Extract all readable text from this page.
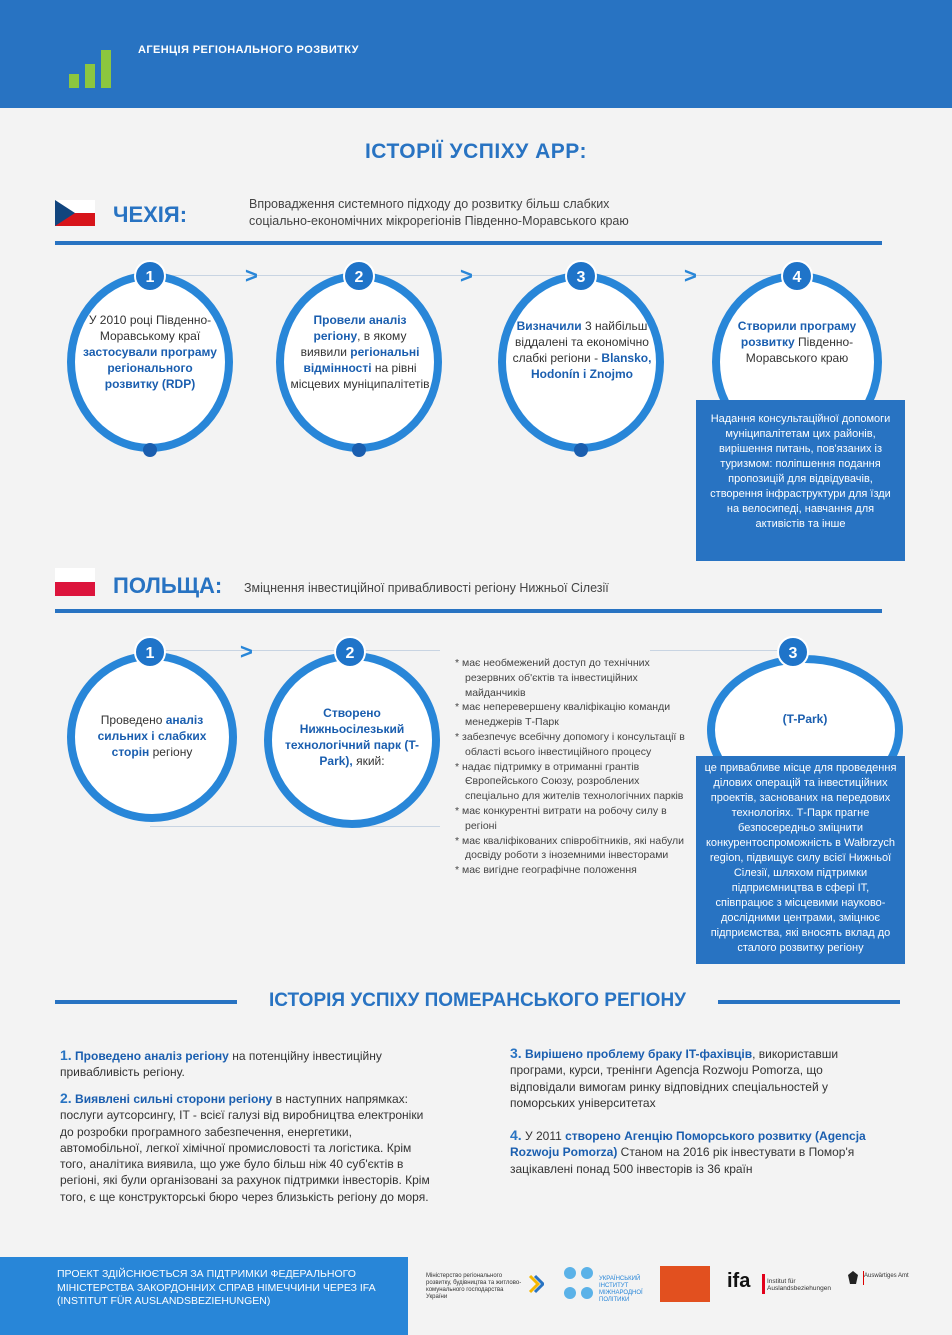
АГЕНЦІЯ РЕГІОНАЛЬНОГО РОЗВИТКУ
ІСТОРІЇ УСПІХУ АРР:
ЧЕХІЯ:	Впровадження системного підходу до розвитку більш слабких
соціально-економічних мікрорегіонів Південно-Моравського краю
>	>	>
1
У 2010 році Південно-Моравському краї застосували програму регіонального розвитку (RDP)
2
Провели аналіз регіону, в якому виявили регіональні відмінності на рівні місцевих муніципалітетів
3
Визначили 3 найбільш віддалені та економічно слабкі регіони - Blansko, Hodonín i Znojmo
4
Створили програму розвитку Південно-Моравського краю
Надання консультаційної допомоги муніципалітетам цих районів, вирішення питань, пов'язаних із туризмом: поліпшення подання пропозицій для відвідувачів, створення інфраструктури для їзди на велосипеді, навчання для активістів та інше
ПОЛЬЩА: Зміцнення інвестиційної привабливості регіону Нижньої Сілезії
>
1
Проведено аналіз сильних і слабких сторін регіону
2
Створено Нижньосілезький технологічний парк (T-Park), який:
* має необмежений доступ до технічних резервних об'єктів та інвестиційних майданчиків
* має неперевершену кваліфікацію команди менеджерів Т-Парк
* забезпечує всебічну допомогу і консультації в області всього інвестиційного процесу
* надає підтримку в отриманні грантів Європейського Союзу, розроблених спеціально для жителів технологічних парків
* має конкурентні витрати на робочу силу в регіоні
* має кваліфікованих співробітників, які набули досвіду роботи з іноземними інвесторами
* має вигідне географічне положення
3
(T-Park)
це привабливе місце для проведення ділових операцій та інвестиційних проектів, заснованих на передових технологіях. Т-Парк прагне безпосередньо зміцнити конкурентоспроможність в Wałbrzych region, підвищує силу всієї Нижньої Сілезії, шляхом підтримки підприємництва в сфері IT, співпрацює з місцевими науково-дослідними центрами, зміцнює підприємства, які вносять вклад до сталого розвитку регіону
ІСТОРІЯ УСПІХУ ПОМЕРАНСЬКОГО РЕГІОНУ
1. Проведено аналіз регіону на потенційну інвестиційну привабливість регіону.
2. Виявлені сильні сторони регіону в наступних напрямках: послуги аутсорсингу, IT - всієї галузі від виробництва електроніки до розробки програмного забезпечення, енергетики, автомобільної, легкої хімічної промисловості та логістика. Крім того, аналітика виявила, що уже було більш ніж 40 суб'єктів в регіоні, які були організовані за рахунок підтримки інвесторів. Крім того, є ще конструкторські бюро через близькість регіону до моря.
3. Вирішено проблему браку IT-фахівців, використавши програми, курси, тренінги Agencja Rozwoju Pomorza, що відповідали вимогам ринку відповідних спеціальностей у поморських університетах
4. У 2011 створено Агенцію Поморського розвитку (Agencja Rozwoju Pomorza) Станом на 2016 рік інвестувати в Помор'я зацікавлені понад 500 інвесторів із 36 країн
ПРОЕКТ ЗДІЙСНЮЄТЬСЯ ЗА ПІДТРИМКИ ФЕДЕРАЛЬНОГО МІНІСТЕРСТВА ЗАКОРДОННИХ СПРАВ НІМЕЧЧИНИ ЧЕРЕЗ IFA (INSTITUT FÜR AUSLANDSBEZIEHUNGEN)
Міністерство регіонального розвитку, будівництва та житлово-комунального господарства України
УКРАЇНСЬКИЙ ІНСТИТУТ МІЖНАРОДНОЇ ПОЛІТИКИ
ifa	Institut für Auslandsbeziehungen
Auswärtiges Amt
